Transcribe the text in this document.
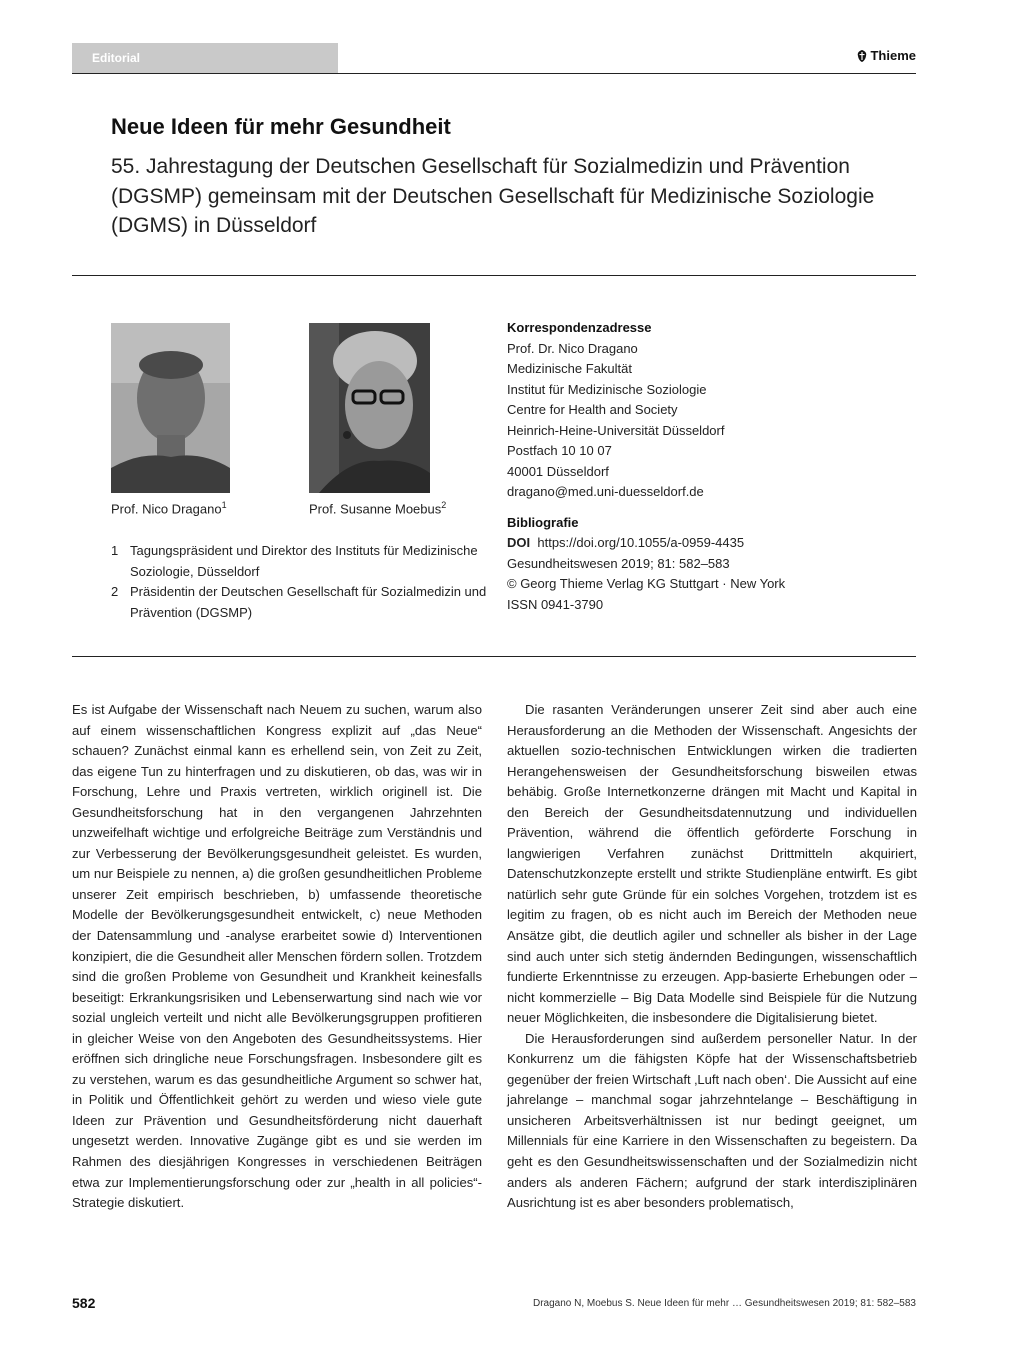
Editorial	Thieme
Neue Ideen für mehr Gesundheit

55. Jahrestagung der Deutschen Gesellschaft für Sozialmedizin und Prävention (DGSMP) gemeinsam mit der Deutschen Gesellschaft für Medizinische Soziologie (DGMS) in Düsseldorf

Prof. Nico Dragano$^1$	Prof. Susanne Moebus$^2$
1 Tagungspräsident und Direktor des Instituts für Medizinische Soziologie, Düsseldorf
2 Präsidentin der Deutschen Gesellschaft für Sozialmedizin und Prävention (DGSMP)
Korrespondenzadresse
Prof. Dr. Nico Dragano
Medizinische Fakultät
Institut für Medizinische Soziologie
Centre for Health and Society
Heinrich-Heine-Universität Düsseldorf
Postfach 10 10 07
40001 Düsseldorf
dragano@med.uni-duesseldorf.de
Bibliografie
DOI https://doi.org/10.1055/a-0959-4435
Gesundheitswesen 2019; 81: 582–583
© Georg Thieme Verlag KG Stuttgart · New York
ISSN 0941-3790

Es ist Aufgabe der Wissenschaft nach Neuem zu suchen, warum also auf einem wissenschaftlichen Kongress explizit auf „das Neue“ schauen? Zunächst einmal kann es erhellend sein, von Zeit zu Zeit, das eigene Tun zu hinterfragen und zu diskutieren, ob das, was wir in Forschung, Lehre und Praxis vertreten, wirklich originell ist. Die Gesundheitsforschung hat in den vergangenen Jahrzehnten unzweifelhaft wichtige und erfolgreiche Beiträge zum Verständnis und zur Verbesserung der Bevölkerungsgesundheit geleistet. Es wurden, um nur Beispiele zu nennen, a) die großen gesundheitlichen Probleme unserer Zeit empirisch beschrieben, b) umfassende theoretische Modelle der Bevölkerungsgesundheit entwickelt, c) neue Methoden der Datensammlung und -analyse erarbeitet sowie d) Interventionen konzipiert, die die Gesundheit aller Menschen fördern sollen. Trotzdem sind die großen Probleme von Gesundheit und Krankheit keinesfalls beseitigt: Erkrankungsrisiken und Lebenserwartung sind nach wie vor sozial ungleich verteilt und nicht alle Bevölkerungsgruppen profitieren in gleicher Weise von den Angeboten des Gesundheitssystems. Hier eröffnen sich dringliche neue Forschungsfragen. Insbesondere gilt es zu verstehen, warum es das gesundheitliche Argument so schwer hat, in Politik und Öffentlichkeit gehört zu werden und wieso viele gute Ideen zur Prävention und Gesundheitsförderung nicht dauerhaft ungesetzt werden. Innovative Zugänge gibt es und sie werden im Rahmen des diesjährigen Kongresses in verschiedenen Beiträgen etwa zur Implementierungsforschung oder zur „health in all policies“-Strategie diskutiert.

Die rasanten Veränderungen unserer Zeit sind aber auch eine Herausforderung an die Methoden der Wissenschaft. Angesichts der aktuellen sozio-technischen Entwicklungen wirken die tradierten Herangehensweisen der Gesundheitsforschung bisweilen etwas behäbig. Große Internetkonzerne drängen mit Macht und Kapital in den Bereich der Gesundheitsdatennutzung und individuellen Prävention, während die öffentlich geförderte Forschung in langwierigen Verfahren zunächst Drittmitteln akquiriert, Datenschutzkonzepte erstellt und strikte Studienpläne entwirft. Es gibt natürlich sehr gute Gründe für ein solches Vorgehen, trotzdem ist es legitim zu fragen, ob es nicht auch im Bereich der Methoden neue Ansätze gibt, die deutlich agiler und schneller als bisher in der Lage sind auch unter sich stetig ändernden Bedingungen, wissenschaftlich fundierte Erkenntnisse zu erzeugen. App-basierte Erhebungen oder – nicht kommerzielle – Big Data Modelle sind Beispiele für die Nutzung neuer Möglichkeiten, die insbesondere die Digitalisierung bietet.

Die Herausforderungen sind außerdem personeller Natur. In der Konkurrenz um die fähigsten Köpfe hat der Wissenschaftsbetrieb gegenüber der freien Wirtschaft ‚Luft nach oben‘. Die Aussicht auf eine jahrelange – manchmal sogar jahrzehntelange – Beschäftigung in unsicheren Arbeitsverhältnissen ist nur bedingt geeignet, um Millennials für eine Karriere in den Wissenschaften zu begeistern. Da geht es den Gesundheitswissenschaften und der Sozialmedizin nicht anders als anderen Fächern; aufgrund der stark interdisziplinären Ausrichtung ist es aber besonders problematisch,

582	Dragano N, Moebus S. Neue Ideen für mehr … Gesundheitswesen 2019; 81: 582–583
